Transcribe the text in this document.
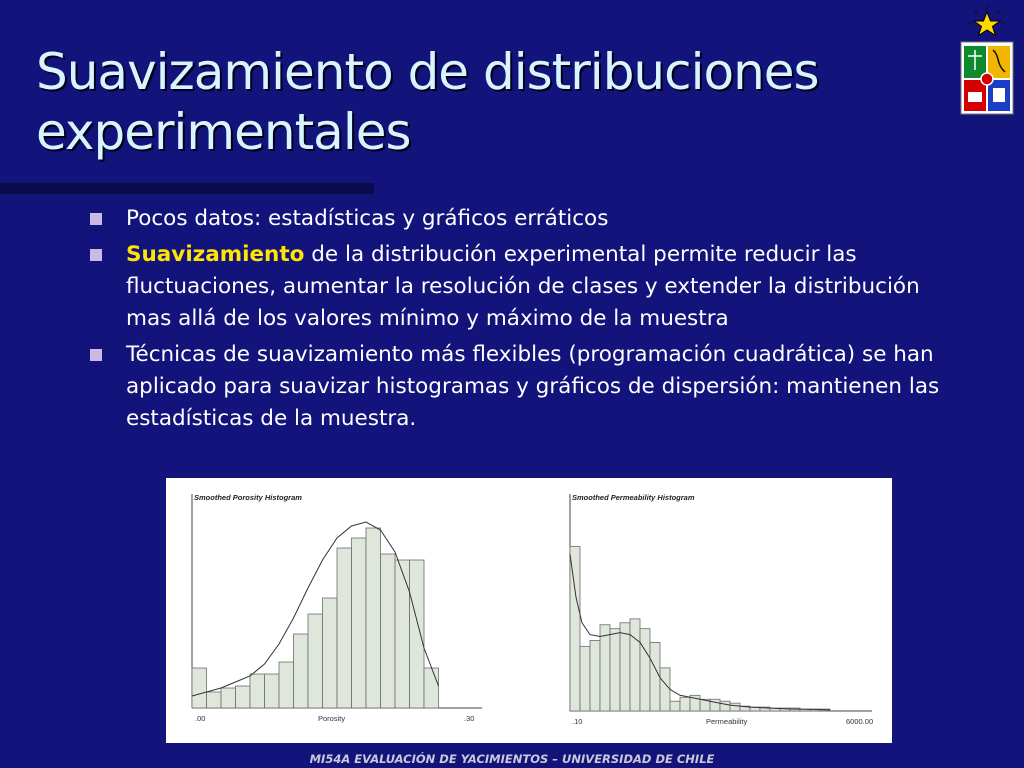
Suavizamiento de distribuciones experimentales
Pocos datos: estadísticas y gráficos erráticos
Suavizamiento de la distribución experimental permite reducir las fluctuaciones, aumentar la resolución de clases y extender la distribución mas allá de los valores mínimo y máximo de la muestra
Técnicas de suavizamiento más flexibles (programación cuadrática) se han aplicado para suavizar histogramas y gráficos de dispersión: mantienen las estadísticas de la muestra.
Smoothed Porosity Histogram
.00	.30
Porosity
Smoothed Permeability Histogram
.10	6000.00
Permeability
MI54A EVALUACIÓN DE YACIMIENTOS – UNIVERSIDAD DE CHILE
